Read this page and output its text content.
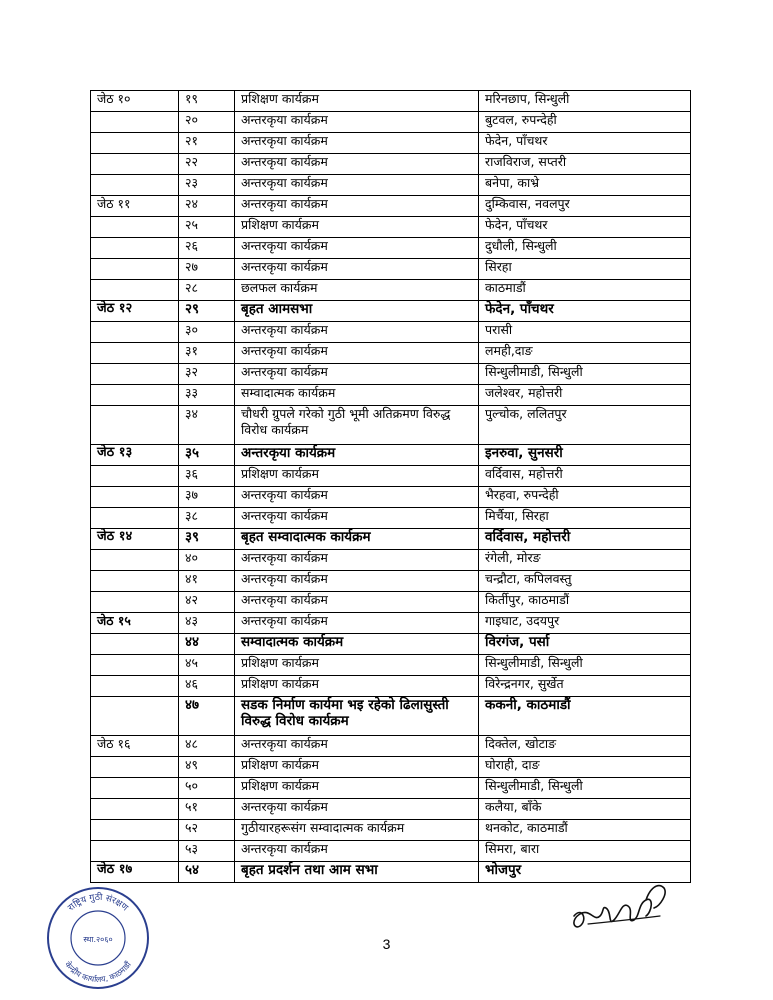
जेठ १०	१९	प्रशिक्षण कार्यक्रम	मरिनछाप, सिन्धुली
	२०	अन्तरकृया कार्यक्रम	बुटवल, रुपन्देही
	२१	अन्तरकृया कार्यक्रम	फेदेन, पाँचथर
	२२	अन्तरकृया कार्यक्रम	राजविराज, सप्तरी
	२३	अन्तरकृया कार्यक्रम	बनेपा, काभ्रे
जेठ ११	२४	अन्तरकृया कार्यक्रम	दुम्किवास, नवलपुर
	२५	प्रशिक्षण कार्यक्रम	फेदेन, पाँचथर
	२६	अन्तरकृया कार्यक्रम	दुधौली, सिन्धुली
	२७	अन्तरकृया कार्यक्रम	सिरहा
	२८	छलफल कार्यक्रम	काठमाडौं
जेठ १२	२९	बृहत आमसभा	फेदेन, पाँचथर
	३०	अन्तरकृया कार्यक्रम	परासी
	३१	अन्तरकृया कार्यक्रम	लमही,दाङ
	३२	अन्तरकृया कार्यक्रम	सिन्धुलीमाडी, सिन्धुली
	३३	सम्वादात्मक कार्यक्रम	जलेश्वर, महोत्तरी
	३४	चौधरी ग्रुपले गरेको गुठी भूमी अतिक्रमण विरुद्ध विरोध कार्यक्रम	पुल्चोक, ललितपुर
जेठ १३	३५	अन्तरकृया कार्यक्रम	इनरुवा, सुनसरी
	३६	प्रशिक्षण कार्यक्रम	वर्दिवास, महोत्तरी
	३७	अन्तरकृया कार्यक्रम	भैरहवा, रुपन्देही
	३८	अन्तरकृया कार्यक्रम	मिर्चैया, सिरहा
जेठ १४	३९	बृहत सम्वादात्मक कार्यक्रम	वर्दिवास, महोत्तरी
	४०	अन्तरकृया कार्यक्रम	रंगेली, मोरङ
	४१	अन्तरकृया कार्यक्रम	चन्द्रौटा, कपिलवस्तु
	४२	अन्तरकृया कार्यक्रम	किर्तीपुर, काठमाडौं
जेठ १५	४३	अन्तरकृया कार्यक्रम	गाइघाट, उदयपुर
	४४	सम्वादात्मक कार्यक्रम	विरगंज, पर्सा
	४५	प्रशिक्षण कार्यक्रम	सिन्धुलीमाडी, सिन्धुली
	४६	प्रशिक्षण कार्यक्रम	विरेन्द्रनगर, सुर्खेत
	४७	सडक निर्माण कार्यमा भइ रहेको ढिलासुस्ती विरुद्ध विरोध कार्यक्रम	ककनी, काठमाडौं
जेठ १६	४८	अन्तरकृया कार्यक्रम	दिक्तेल, खोटाङ
	४९	प्रशिक्षण कार्यक्रम	घोराही, दाङ
	५०	प्रशिक्षण कार्यक्रम	सिन्धुलीमाडी, सिन्धुली
	५१	अन्तरकृया कार्यक्रम	कलैया, बाँके
	५२	गुठीयारहरूसंग सम्वादात्मक कार्यक्रम	थनकोट, काठमाडौं
	५३	अन्तरकृया कार्यक्रम	सिमरा, बारा
जेठ १७	५४	बृहत प्रदर्शन तथा आम सभा	भोजपुर
राष्ट्रिय गुठी संरक्षण
केन्द्रीय कार्यालय, काठमाडौं
स्था.२०६०	3
